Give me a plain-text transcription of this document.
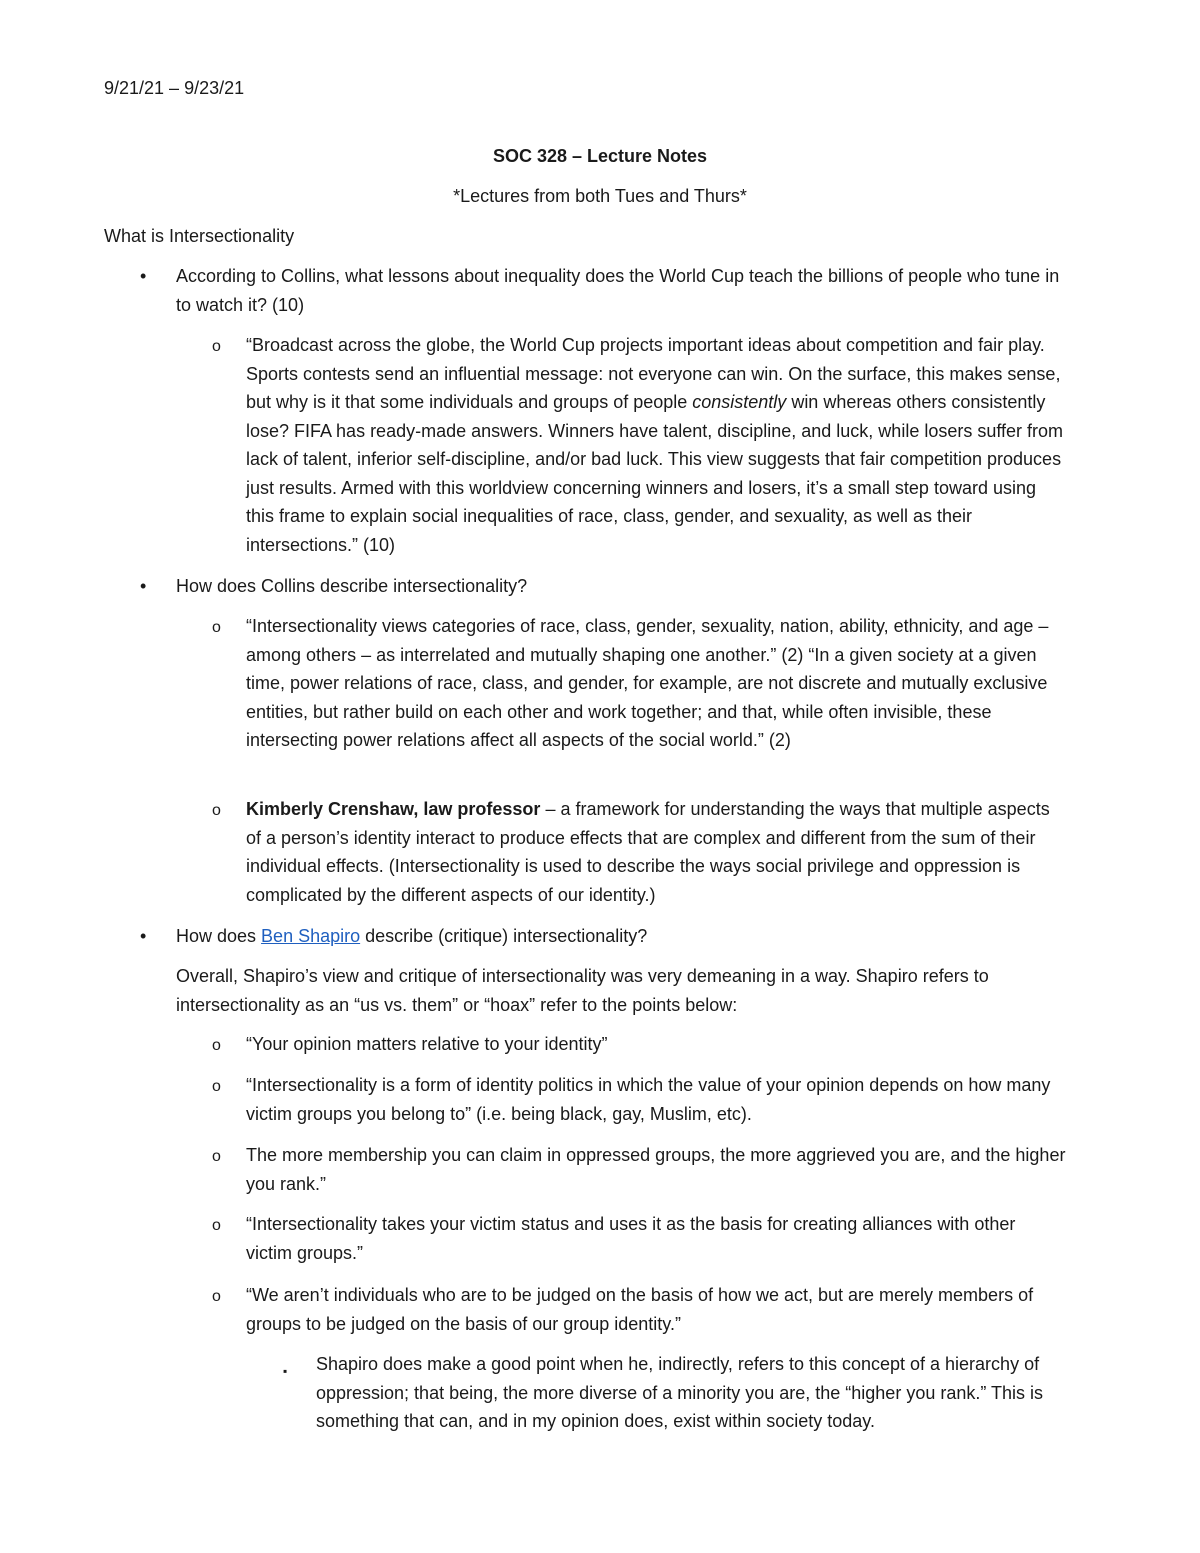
9/21/21 – 9/23/21
SOC 328 – Lecture Notes
*Lectures from both Tues and Thurs*
What is Intersectionality
• According to Collins, what lessons about inequality does the World Cup teach the billions of people who tune in to watch it? (10)
o “Broadcast across the globe, the World Cup projects important ideas about competition and fair play. Sports contests send an influential message: not everyone can win. On the surface, this makes sense, but why is it that some individuals and groups of people consistently win whereas others consistently lose? FIFA has ready-made answers. Winners have talent, discipline, and luck, while losers suffer from lack of talent, inferior self-discipline, and/or bad luck. This view suggests that fair competition produces just results. Armed with this worldview concerning winners and losers, it’s a small step toward using this frame to explain social inequalities of race, class, gender, and sexuality, as well as their intersections.” (10)
• How does Collins describe intersectionality?
o “Intersectionality views categories of race, class, gender, sexuality, nation, ability, ethnicity, and age – among others – as interrelated and mutually shaping one another.” (2) “In a given society at a given time, power relations of race, class, and gender, for example, are not discrete and mutually exclusive entities, but rather build on each other and work together; and that, while often invisible, these intersecting power relations affect all aspects of the social world.” (2)
o Kimberly Crenshaw, law professor – a framework for understanding the ways that multiple aspects of a person’s identity interact to produce effects that are complex and different from the sum of their individual effects. (Intersectionality is used to describe the ways social privilege and oppression is complicated by the different aspects of our identity.)
• How does Ben Shapiro describe (critique) intersectionality?
Overall, Shapiro’s view and critique of intersectionality was very demeaning in a way. Shapiro refers to intersectionality as an “us vs. them” or “hoax” refer to the points below:
o “Your opinion matters relative to your identity”
o “Intersectionality is a form of identity politics in which the value of your opinion depends on how many victim groups you belong to” (i.e. being black, gay, Muslim, etc).
o The more membership you can claim in oppressed groups, the more aggrieved you are, and the higher you rank.”
o “Intersectionality takes your victim status and uses it as the basis for creating alliances with other victim groups.”
o “We aren’t individuals who are to be judged on the basis of how we act, but are merely members of groups to be judged on the basis of our group identity.”
▪ Shapiro does make a good point when he, indirectly, refers to this concept of a hierarchy of oppression; that being, the more diverse of a minority you are, the “higher you rank.” This is something that can, and in my opinion does, exist within society today.
